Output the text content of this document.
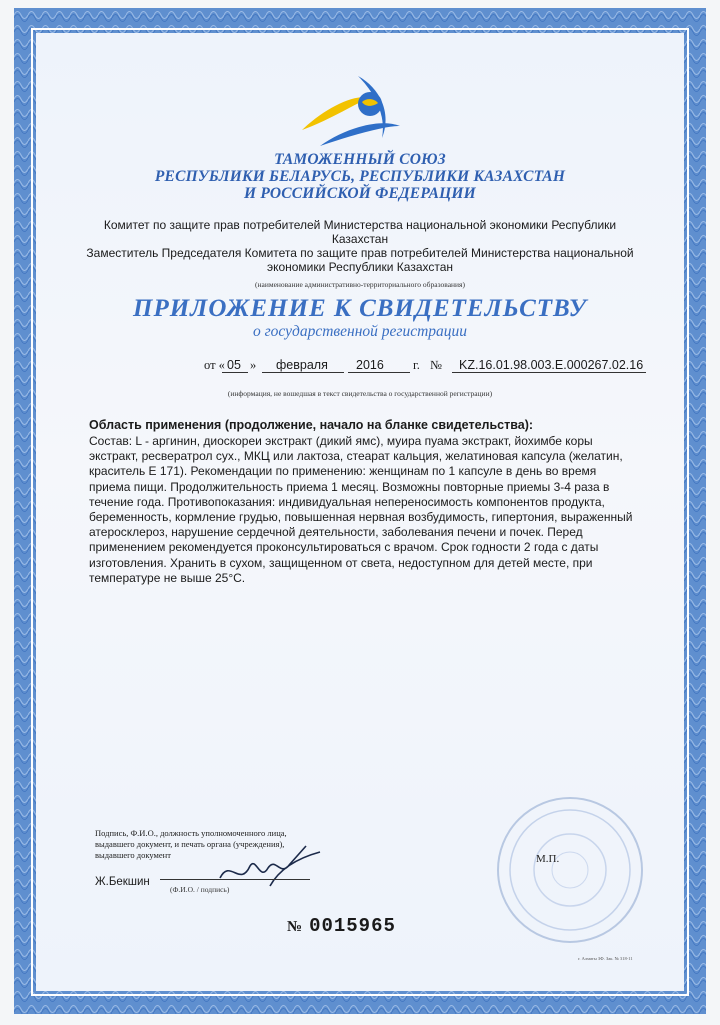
ТАМОЖЕННЫЙ СОЮЗ
РЕСПУБЛИКИ БЕЛАРУСЬ, РЕСПУБЛИКИ КАЗАХСТАН
И РОССИЙСКОЙ ФЕДЕРАЦИИ
Комитет по защите прав потребителей Министерства национальной экономики Республики
Казахстан
Заместитель Председателя Комитета по защите прав потребителей Министерства национальной
экономики Республики Казахстан
(наименование административно-территориального образования)
ПРИЛОЖЕНИЕ К СВИДЕТЕЛЬСТВУ
о государственной регистрации
от « 05 » февраля 2016 г. № KZ.16.01.98.003.E.000267.02.16
(информация, не вошедшая в текст свидетельства о государственной регистрации)
Область применения (продолжение, начало на бланке свидетельства):
Состав: L - аргинин, диоскореи экстракт (дикий ямс), муира пуама экстракт, йохимбе коры
экстракт, ресвератрол сух., МКЦ или лактоза, стеарат кальция, желатиновая капсула (желатин,
краситель Е 171). Рекомендации по применению: женщинам по 1 капсуле в день во время
приема пищи. Продолжительность приема 1 месяц. Возможны повторные приемы 3-4 раза в
течение года. Противопоказания: индивидуальная непереносимость компонентов продукта,
беременность, кормление грудью, повышенная нервная возбудимость, гипертония, выраженный
атеросклероз, нарушение сердечной деятельности, заболевания печени и почек. Перед
применением рекомендуется проконсультироваться с врачом. Срок годности 2 года с даты
изготовления. Хранить в сухом, защищенном от света, недоступном для детей месте, при
температуре не выше 25°С.
М.П.
Подпись, Ф.И.О., должность уполномоченного лица,
выдавшего документ, и печать органа (учреждения),
выдавшего документ
Ж.Бекшин
(Ф.И.О. / подпись)
№ 0015965
г. Алматы ЗФ. Зак. № 318-11
